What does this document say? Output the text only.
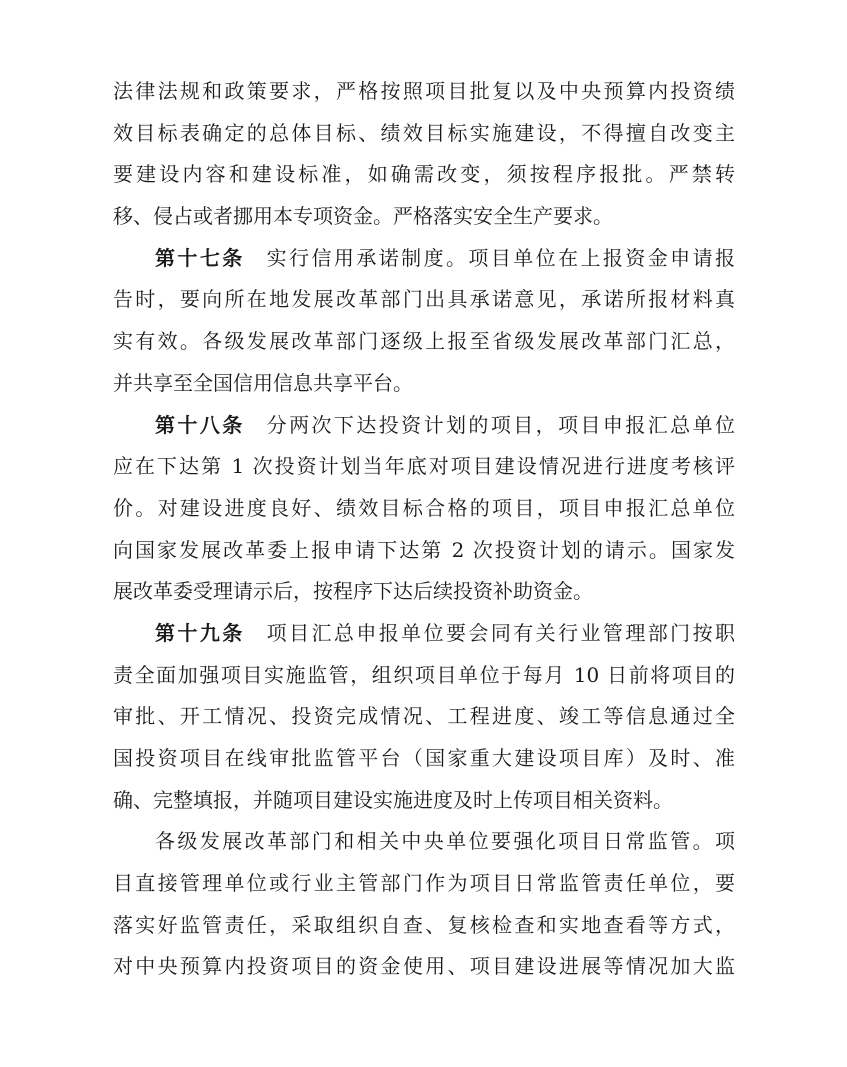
法律法规和政策要求，严格按照项目批复以及中央预算内投资绩
效目标表确定的总体目标、绩效目标实施建设，不得擅自改变主
要建设内容和建设标准，如确需改变，须按程序报批。严禁转
移、侵占或者挪用本专项资金。严格落实安全生产要求。
第十七条 实行信用承诺制度。项目单位在上报资金申请报
告时，要向所在地发展改革部门出具承诺意见，承诺所报材料真
实有效。各级发展改革部门逐级上报至省级发展改革部门汇总，
并共享至全国信用信息共享平台。
第十八条 分两次下达投资计划的项目，项目申报汇总单位
应在下达第 1 次投资计划当年底对项目建设情况进行进度考核评
价。对建设进度良好、绩效目标合格的项目，项目申报汇总单位
向国家发展改革委上报申请下达第 2 次投资计划的请示。国家发
展改革委受理请示后，按程序下达后续投资补助资金。
第十九条 项目汇总申报单位要会同有关行业管理部门按职
责全面加强项目实施监管，组织项目单位于每月 10 日前将项目的
审批、开工情况、投资完成情况、工程进度、竣工等信息通过全
国投资项目在线审批监管平台（国家重大建设项目库）及时、准
确、完整填报，并随项目建设实施进度及时上传项目相关资料。
各级发展改革部门和相关中央单位要强化项目日常监管。项
目直接管理单位或行业主管部门作为项目日常监管责任单位，要
落实好监管责任，采取组织自查、复核检查和实地查看等方式，
对中央预算内投资项目的资金使用、项目建设进展等情况加大监
